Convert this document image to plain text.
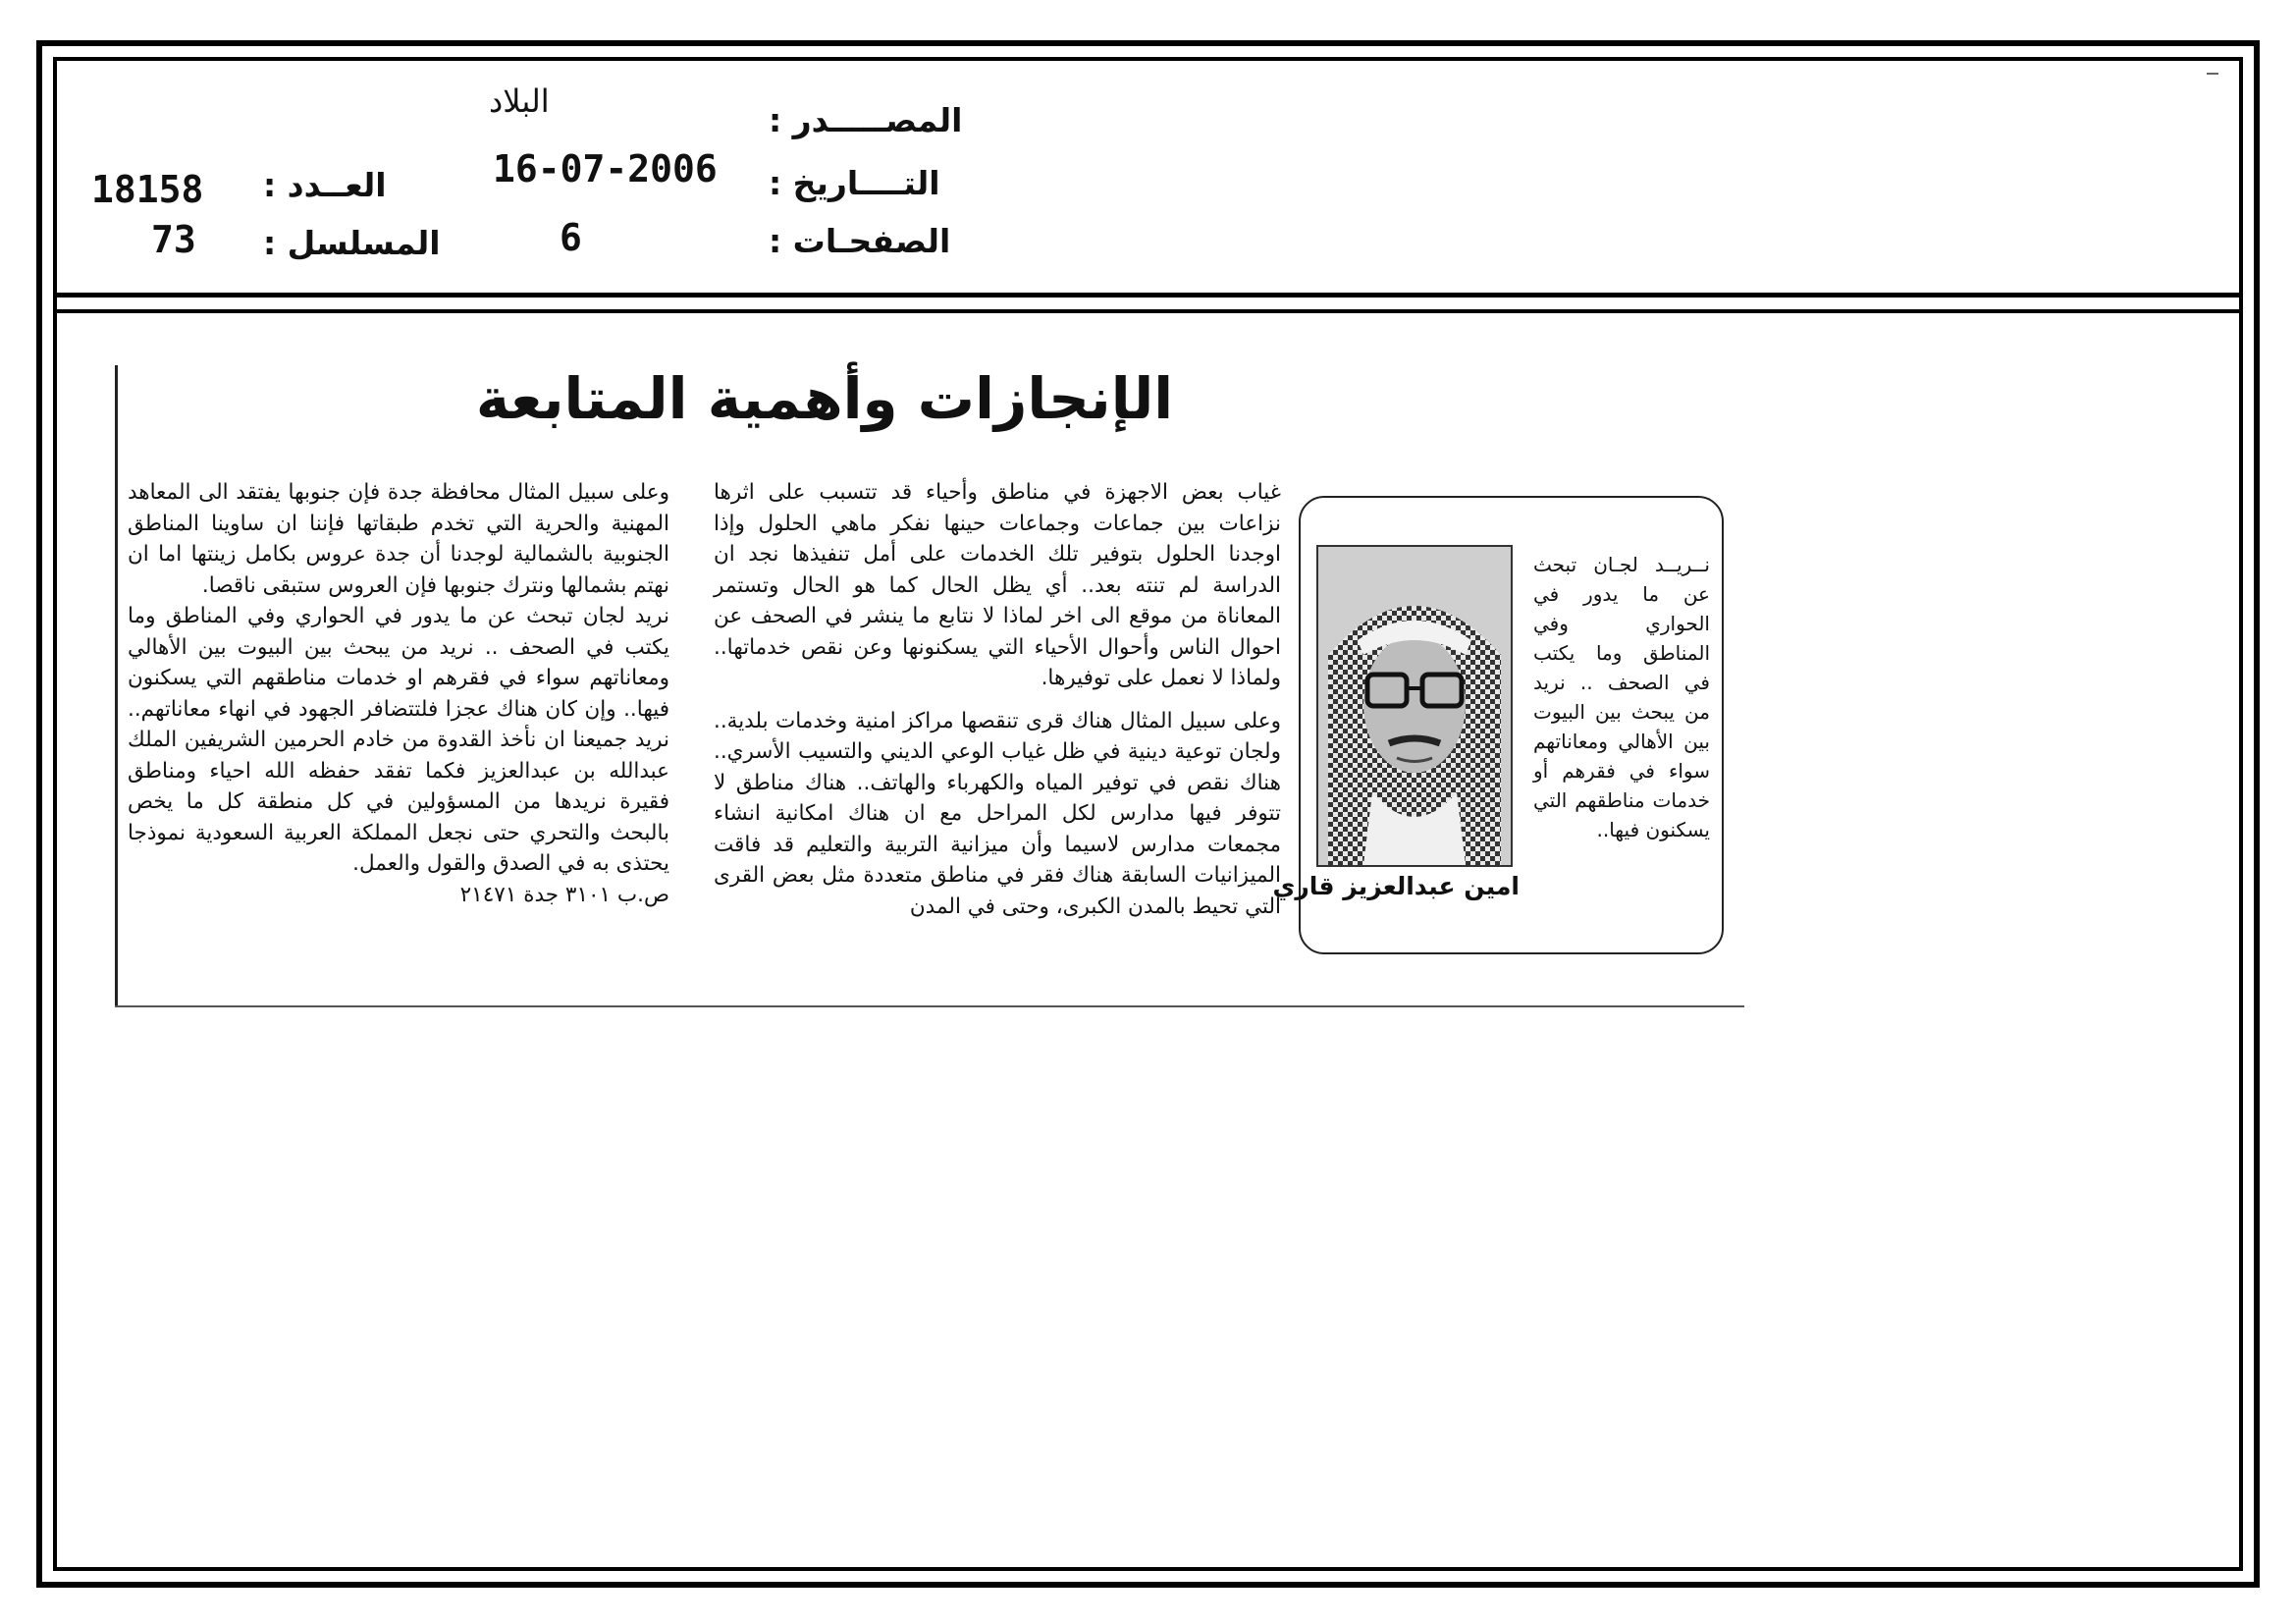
البلاد	المصـــــدر :
16-07-2006 التــــاريخ :
6	الصفحـات :
18158 العــدد :
73 المسلسل :
الإنجازات وأهمية المتابعة

غياب بعض الاجهزة في مناطق وأحياء قد تتسبب على اثرها نزاعات بين جماعات وجماعات حينها نفكر ماهي الحلول وإذا اوجدنا الحلول بتوفير تلك الخدمات على أمل تنفيذها نجد ان الدراسة لم تنته بعد.. أي يظل الحال كما هو الحال وتستمر المعاناة من موقع الى اخر لماذا لا نتابع ما ينشر في الصحف عن احوال الناس وأحوال الأحياء التي يسكنونها وعن نقص خدماتها.. ولماذا لا نعمل على توفيرها.

وعلى سبيل المثال هناك قرى تنقصها مراكز امنية وخدمات بلدية.. ولجان توعية دينية في ظل غياب الوعي الديني والتسيب الأسري.. هناك نقص في توفير المياه والكهرباء والهاتف.. هناك مناطق لا تتوفر فيها مدارس لكل المراحل مع ان هناك امكانية انشاء مجمعات مدارس لاسيما وأن ميزانية التربية والتعليم قد فاقت الميزانيات السابقة هناك فقر في مناطق متعددة مثل بعض القرى التي تحيط بالمدن الكبرى، وحتى في المدن

وعلى سبيل المثال محافظة جدة فإن جنوبها يفتقد الى المعاهد المهنية والحرية التي تخدم طبقاتها فإننا ان ساوينا المناطق الجنوبية بالشمالية لوجدنا أن جدة عروس بكامل زينتها اما ان نهتم بشمالها ونترك جنوبها فإن العروس ستبقى ناقصا.

نريد لجان تبحث عن ما يدور في الحواري وفي المناطق وما يكتب في الصحف .. نريد من يبحث بين البيوت بين الأهالي ومعاناتهم سواء في فقرهم او خدمات مناطقهم التي يسكنون فيها.. وإن كان هناك عجزا فلتتضافر الجهود في انهاء معاناتهم.. نريد جميعنا ان نأخذ القدوة من خادم الحرمين الشريفين الملك عبدالله بن عبدالعزيز فكما تفقد حفظه الله احياء ومناطق فقيرة نريدها من المسؤولين في كل منطقة كل ما يخص بالبحث والتحري حتى نجعل المملكة العربية السعودية نموذجا يحتذى به في الصدق والقول والعمل.

ص.ب ٣١٠١ جدة ٢١٤٧١	امين عبدالعزيز قاري

نــريــد لجـان تبحث عن ما يدور في الحواري وفي المناطق وما يكتب في الصحف .. نريد من يبحث بين البيوت بين الأهالي ومعاناتهم سواء في فقرهم أو خدمات مناطقهم التي يسكنون فيها..
